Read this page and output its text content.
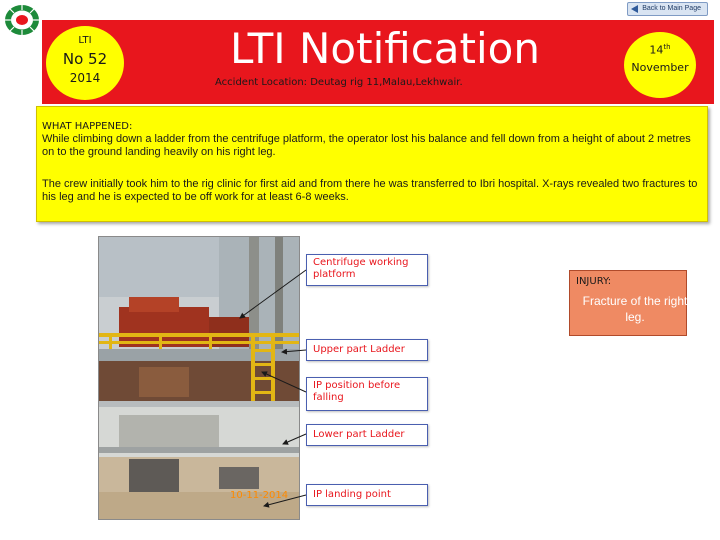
Back to Main Page
LTI
No 52
2014
LTI Notification
Accident Location: Deutag rig 11,Malau,Lekhwair.
14th
November
WHAT HAPPENED:
While climbing down a ladder from the centrifuge platform, the operator lost his balance and fell down from a height of about 2 metres on to the ground landing heavily on his right leg.
The crew initially took him to the rig clinic for first aid and from there he was transferred to Ibri hospital. X-rays revealed two fractures to his leg and he is expected to be off work for at least 6-8 weeks.
10-11-2014
Centrifuge working platform
Upper part Ladder
IP position before falling
Lower part Ladder
IP landing point
INJURY:
Fracture of the right leg.
